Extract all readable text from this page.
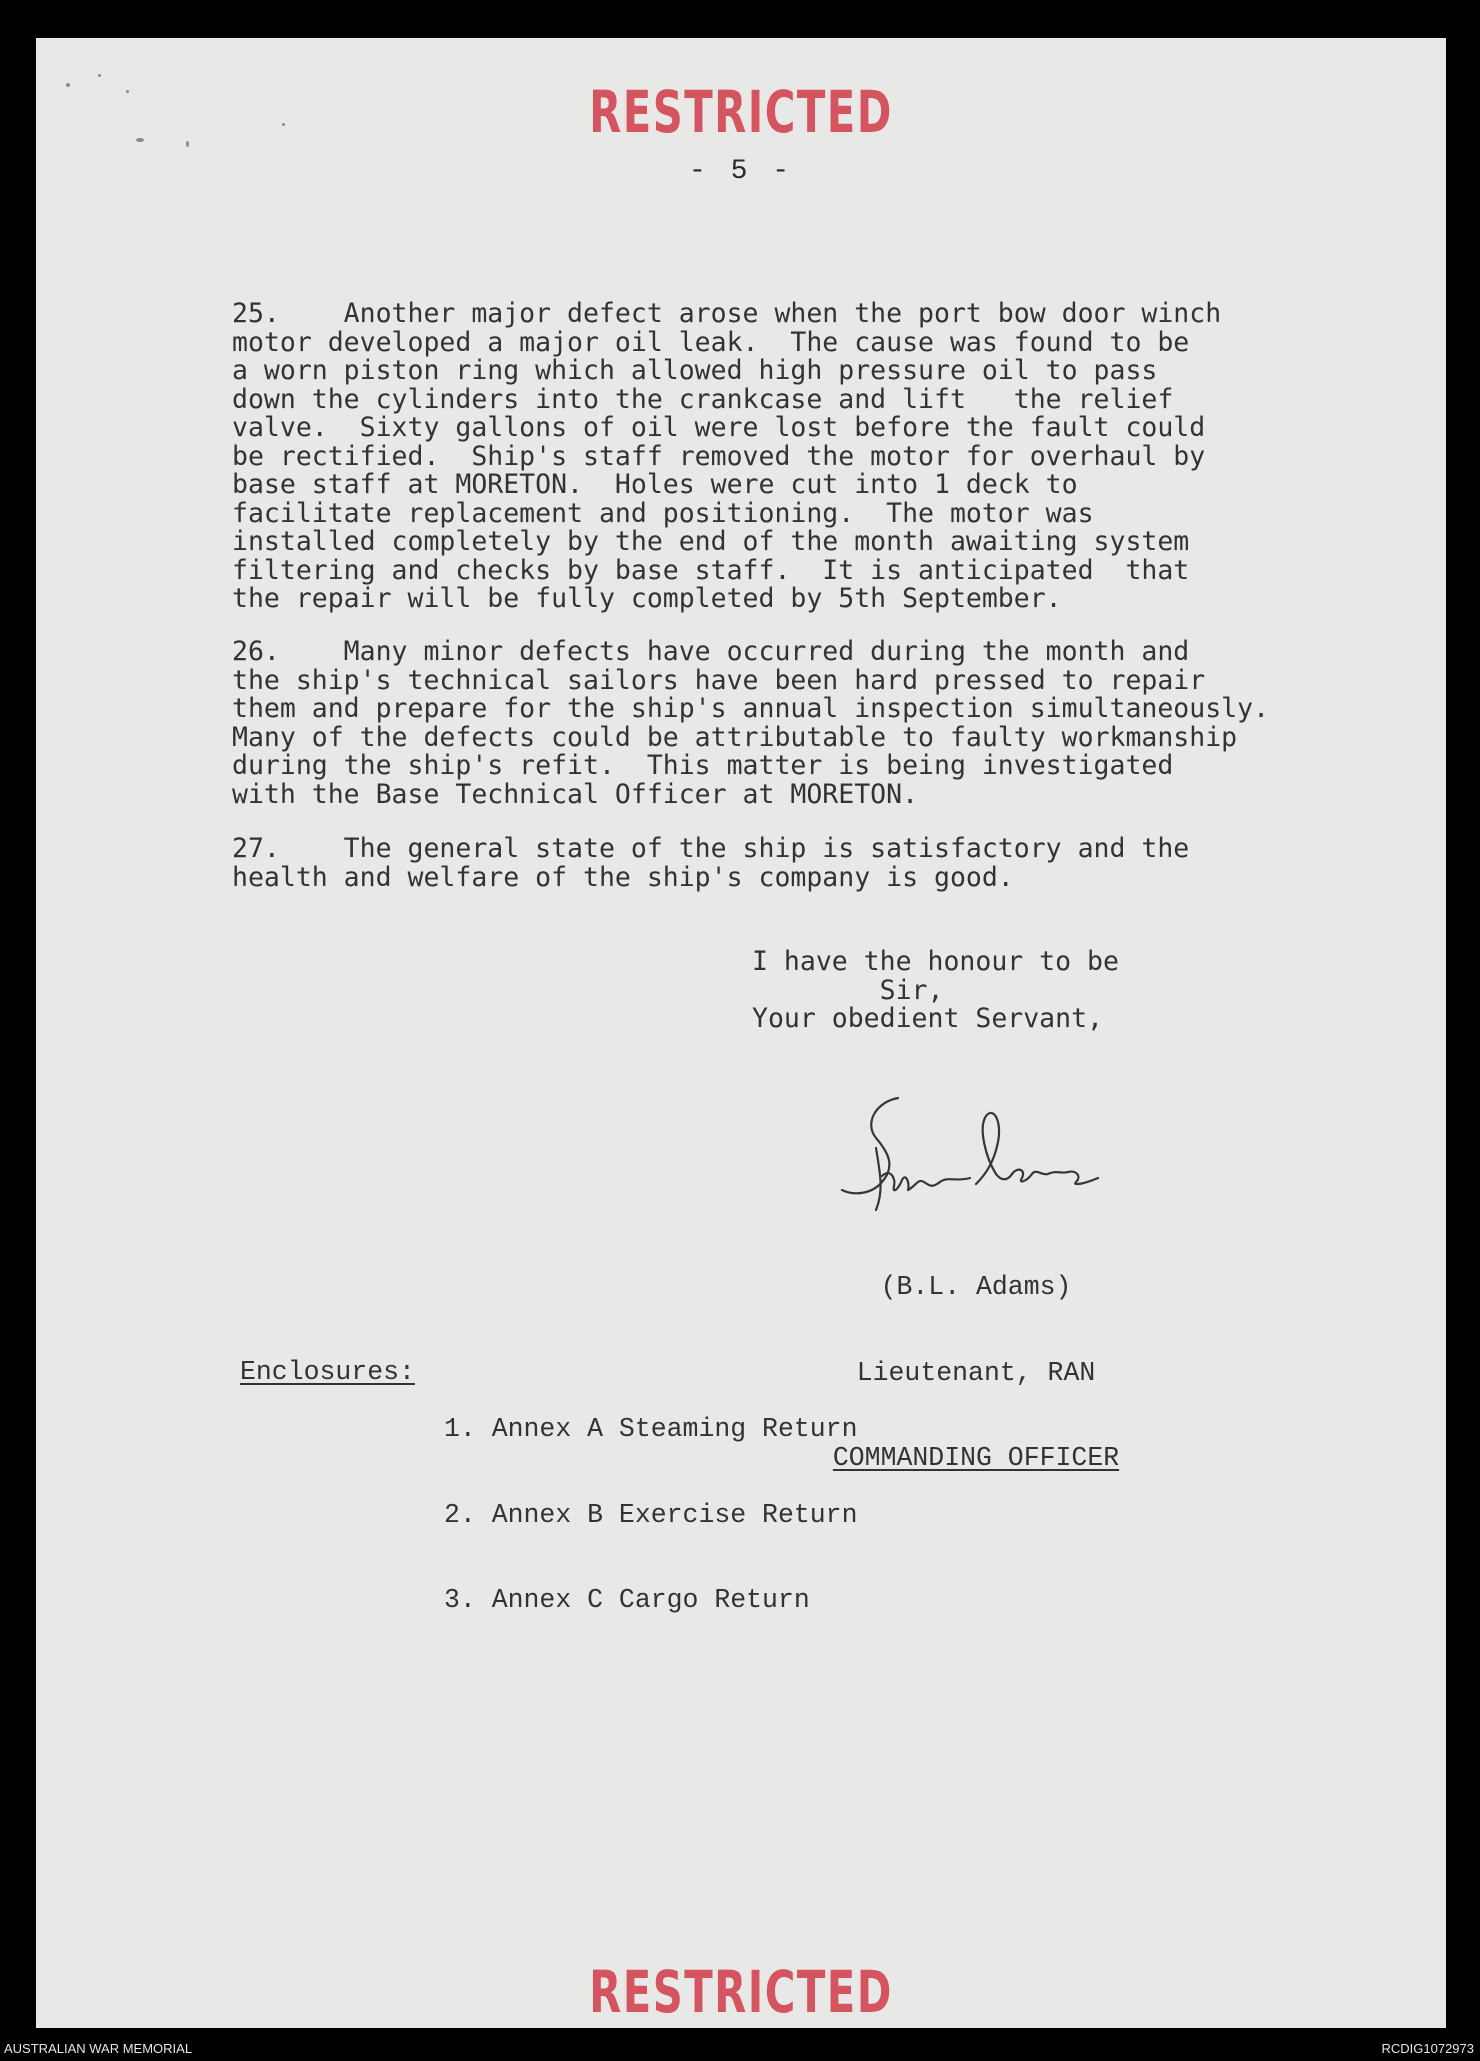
RESTRICTED
- 5 -
25.    Another major defect arose when the port bow door winch
motor developed a major oil leak.  The cause was found to be
a worn piston ring which allowed high pressure oil to pass
down the cylinders into the crankcase and lift   the relief
valve.  Sixty gallons of oil were lost before the fault could
be rectified.  Ship's staff removed the motor for overhaul by
base staff at MORETON.  Holes were cut into 1 deck to
facilitate replacement and positioning.  The motor was
installed completely by the end of the month awaiting system
filtering and checks by base staff.  It is anticipated  that
the repair will be fully completed by 5th September.
26.    Many minor defects have occurred during the month and
the ship's technical sailors have been hard pressed to repair
them and prepare for the ship's annual inspection simultaneously.
Many of the defects could be attributable to faulty workmanship
during the ship's refit.  This matter is being investigated
with the Base Technical Officer at MORETON.
27.    The general state of the ship is satisfactory and the
health and welfare of the ship's company is good.
I have the honour to be
Sir,
Your obedient Servant,

(B.L. Adams)

Lieutenant, RAN

COMMANDING OFFICER

Enclosures:

1. Annex A Steaming Return

2. Annex B Exercise Return

3. Annex C Cargo Return

RESTRICTED
AUSTRALIAN WAR MEMORIAL	RCDIG1072973
